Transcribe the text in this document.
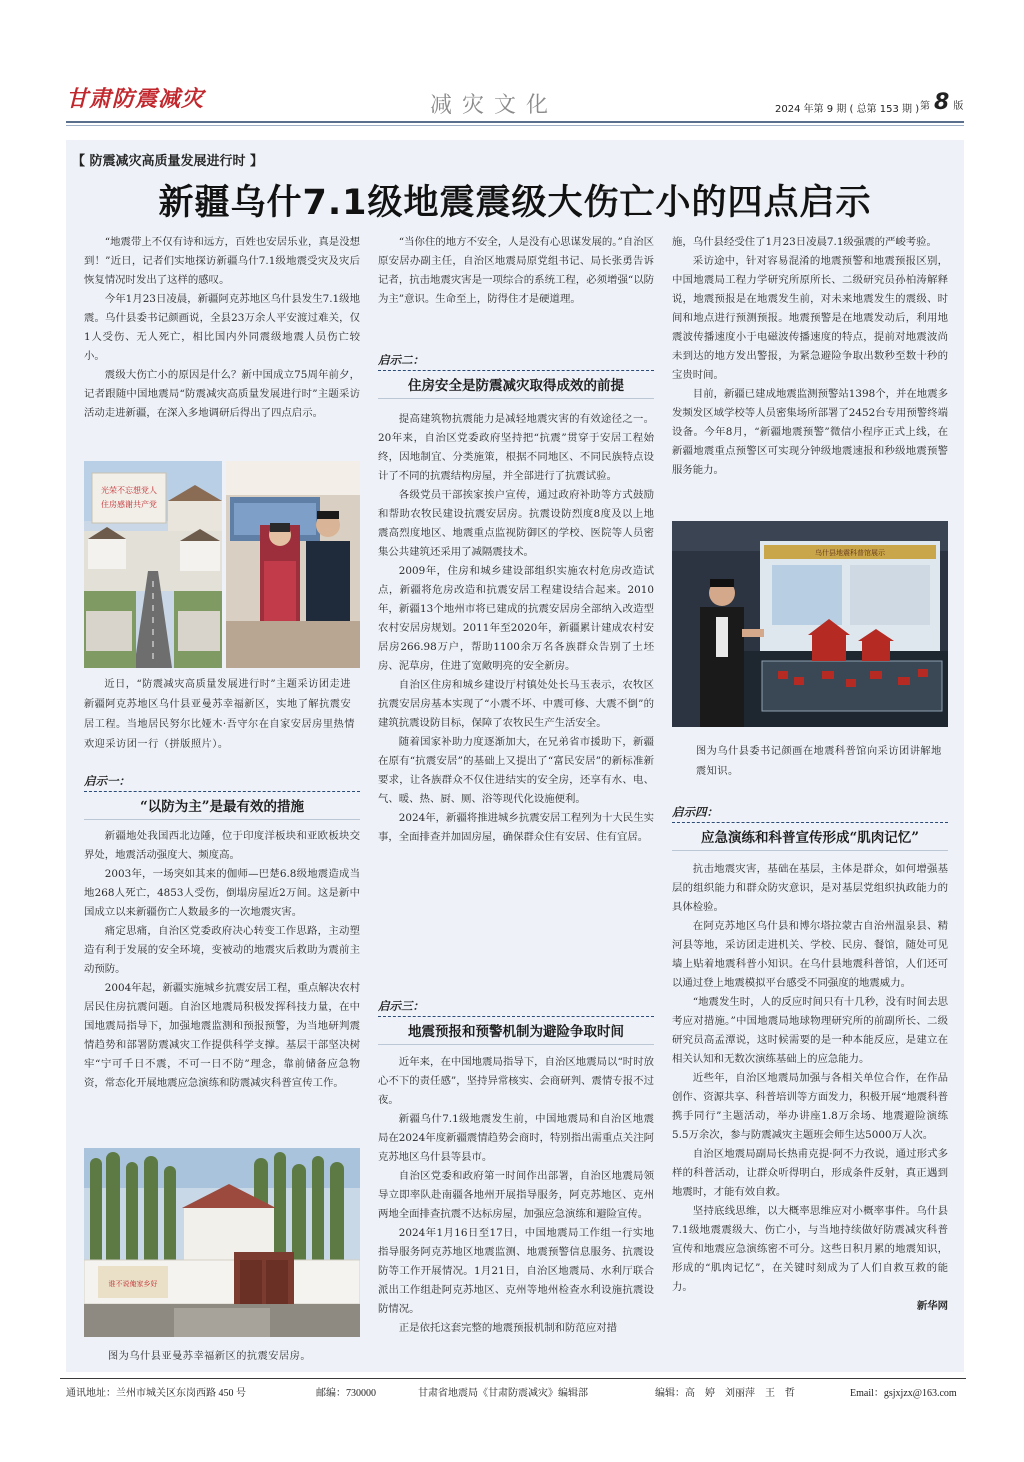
甘肃防震减灾	减灾文化	2024 年第 9 期 ( 总第 153 期 ) 第 8 版
【 防震减灾高质量发展进行时 】
新疆乌什7.1级地震震级大伤亡小的四点启示

“地震带上不仅有诗和远方，百姓也安居乐业，真是没想到！”近日，记者们实地探访新疆乌什7.1级地震受灾及灾后恢复情况时发出了这样的感叹。

今年1月23日凌晨，新疆阿克苏地区乌什县发生7.1级地震。乌什县委书记颜画说，全县23万余人平安渡过难关，仅1人受伤、无人死亡，相比国内外同震级地震人员伤亡较小。

震级大伤亡小的原因是什么？新中国成立75周年前夕，记者跟随中国地震局“防震减灾高质量发展进行时”主题采访活动走进新疆，在深入多地调研后得出了四点启示。

光荣不忘想党人
住房感谢共产党
近日，“防震减灾高质量发展进行时”主题采访团走进新疆阿克苏地区乌什县亚曼苏幸福新区，实地了解抗震安居工程。当地居民努尔比娅木·吾守尔在自家安居房里热情欢迎采访团一行（拼版照片）。
启示一：
“以防为主”是最有效的措施

新疆地处我国西北边陲，位于印度洋板块和亚欧板块交界处，地震活动强度大、频度高。

2003年，一场突如其来的伽师—巴楚6.8级地震造成当地268人死亡，4853人受伤，倒塌房屋近2万间。这是新中国成立以来新疆伤亡人数最多的一次地震灾害。

痛定思痛，自治区党委政府决心转变工作思路，主动塑造有利于发展的安全环境，变被动的地震灾后救助为震前主动预防。

2004年起，新疆实施城乡抗震安居工程，重点解决农村居民住房抗震问题。自治区地震局积极发挥科技力量，在中国地震局指导下，加强地震监测和预报预警，为当地研判震情趋势和部署防震减灾工作提供科学支撑。基层干部坚决树牢“宁可千日不震，不可一日不防”理念，靠前储备应急物资，常态化开展地震应急演练和防震减灾科普宣传工作。

谁不说俺家乡好
图为乌什县亚曼苏幸福新区的抗震安居房。

“当你住的地方不安全，人是没有心思谋发展的。”自治区原安居办副主任，自治区地震局原党组书记、局长张勇告诉记者，抗击地震灾害是一项综合的系统工程，必须增强“以防为主”意识。生命至上，防得住才是硬道理。

启示二：
住房安全是防震减灾取得成效的前提

提高建筑物抗震能力是减轻地震灾害的有效途径之一。20年来，自治区党委政府坚持把“抗震”贯穿于安居工程始终，因地制宜、分类施策，根据不同地区、不同民族特点设计了不同的抗震结构房屋，并全部进行了抗震试验。

各级党员干部挨家挨户宣传，通过政府补助等方式鼓励和帮助农牧民建设抗震安居房。抗震设防烈度8度及以上地震高烈度地区、地震重点监视防御区的学校、医院等人员密集公共建筑还采用了减隔震技术。

2009年，住房和城乡建设部组织实施农村危房改造试点，新疆将危房改造和抗震安居工程建设结合起来。2010年，新疆13个地州市将已建成的抗震安居房全部纳入改造型农村安居房规划。2011年至2020年，新疆累计建成农村安居房266.98万户，帮助1100余万名各族群众告别了土坯房、泥草房，住进了宽敞明亮的安全新房。

自治区住房和城乡建设厅村镇处处长马玉表示，农牧区抗震安居房基本实现了“小震不坏、中震可修、大震不倒”的建筑抗震设防目标，保障了农牧民生产生活安全。

随着国家补助力度逐渐加大，在兄弟省市援助下，新疆在原有“抗震安居”的基础上又提出了“富民安居”的新标准新要求，让各族群众不仅住进结实的安全房，还享有水、电、气、暖、热、厨、厕、浴等现代化设施便利。

2024年，新疆将推进城乡抗震安居工程列为十大民生实事，全面排查并加固房屋，确保群众住有安居、住有宜居。

启示三：
地震预报和预警机制为避险争取时间

近年来，在中国地震局指导下，自治区地震局以“时时放心不下的责任感”，坚持异常核实、会商研判、震情专报不过夜。

新疆乌什7.1级地震发生前，中国地震局和自治区地震局在2024年度新疆震情趋势会商时，特别指出需重点关注阿克苏地区乌什县等县市。

自治区党委和政府第一时间作出部署，自治区地震局领导立即率队赴南疆各地州开展指导服务，阿克苏地区、克州两地全面排查抗震不达标房屋，加强应急演练和避险宣传。

2024年1月16日至17日，中国地震局工作组一行实地指导服务阿克苏地区地震监测、地震预警信息服务、抗震设防等工作开展情况。1月21日，自治区地震局、水利厅联合派出工作组赴阿克苏地区、克州等地州检查水利设施抗震设防情况。

正是依托这套完整的地震预报机制和防范应对措

施，乌什县经受住了1月23日凌晨7.1级强震的严峻考验。

采访途中，针对容易混淆的地震预警和地震预报区别，中国地震局工程力学研究所原所长、二级研究员孙柏涛解释说，地震预报是在地震发生前，对未来地震发生的震级、时间和地点进行预测预报。地震预警是在地震发动后，利用地震波传播速度小于电磁波传播速度的特点，提前对地震波尚未到达的地方发出警报，为紧急避险争取出数秒至数十秒的宝贵时间。

目前，新疆已建成地震监测预警站1398个，并在地震多发频发区域学校等人员密集场所部署了2452台专用预警终端设备。今年8月，“新疆地震预警”微信小程序正式上线，在新疆地震重点预警区可实现分钟级地震速报和秒级地震预警服务能力。

乌什县地震科普馆展示
图为乌什县委书记颜画在地震科普馆向采访团讲解地震知识。
启示四：
应急演练和科普宣传形成“肌肉记忆”

抗击地震灾害，基础在基层，主体是群众，如何增强基层的组织能力和群众防灾意识，是对基层党组织执政能力的具体检验。

在阿克苏地区乌什县和博尔塔拉蒙古自治州温泉县、精河县等地，采访团走进机关、学校、民房、餐馆，随处可见墙上贴着地震科普小知识。在乌什县地震科普馆，人们还可以通过登上地震模拟平台感受不同强度的地震威力。

“地震发生时，人的反应时间只有十几秒，没有时间去思考应对措施。”中国地震局地球物理研究所的前副所长、二级研究员高孟潭说，这时候需要的是一种本能反应，是建立在相关认知和无数次演练基础上的应急能力。

近些年，自治区地震局加强与各相关单位合作，在作品创作、资源共享、科普培训等方面发力，积极开展“地震科普携手同行”主题活动，举办讲座1.8万余场、地震避险演练5.5万余次，参与防震减灾主题班会师生达5000万人次。

自治区地震局副局长热甫克提·阿不力孜说，通过形式多样的科普活动，让群众听得明白，形成条件反射，真正遇到地震时，才能有效自救。

坚持底线思维，以大概率思维应对小概率事件。乌什县7.1级地震震级大、伤亡小，与当地持续做好防震减灾科普宣传和地震应急演练密不可分。这些日积月累的地震知识，形成的“肌肉记忆”，在关键时刻成为了人们自救互救的能力。

新华网
通讯地址：兰州市城关区东岗西路 450 号	邮编：730000	甘肃省地震局《甘肃防震减灾》编辑部	编辑：高　婷　刘丽萍　王　哲	Email：gsjxjzx@163.com
